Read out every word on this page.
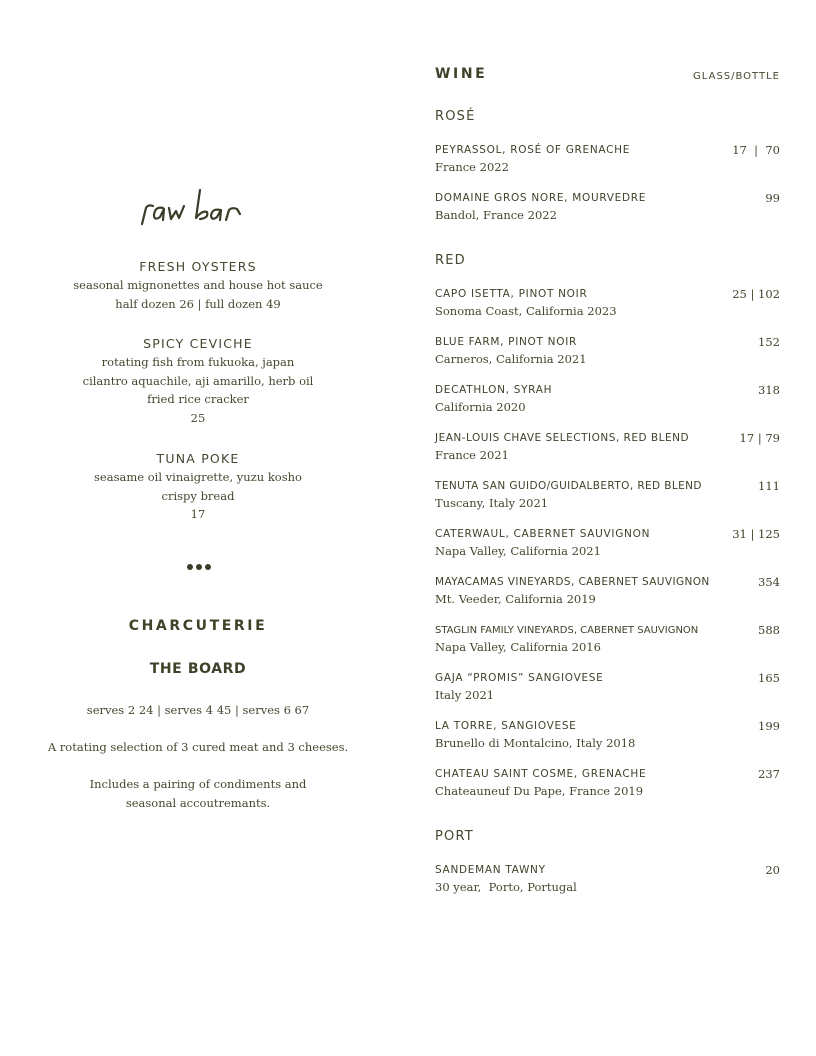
FRESH OYSTERS
seasonal mignonettes and house hot sauce
half dozen 26 | full dozen 49
SPICY CEVICHE
rotating fish from fukuoka, japan
cilantro aquachile, aji amarillo, herb oil
fried rice cracker
25
TUNA POKE
seasame oil vinaigrette, yuzu kosho
crispy bread
17
CHARCUTERIE
THE BOARD
serves 2 24 | serves 4 45 | serves 6 67
A rotating selection of 3 cured meat and 3 cheeses.
Includes a pairing of condiments and
seasonal accoutremants.
WINE	GLASS/BOTTLE
ROSÉ
PEYRASSOL, ROSÉ OF GRENACHE	17  |  70
France 2022
DOMAINE GROS NORE, MOURVEDRE	99
Bandol, France 2022
RED
CAPO ISETTA, PINOT NOIR	25 | 102
Sonoma Coast, California 2023
BLUE FARM, PINOT NOIR	152
Carneros, California 2021
DECATHLON, SYRAH	318
California 2020
JEAN-LOUIS CHAVE SELECTIONS, RED BLEND	17 | 79
France 2021
TENUTA SAN GUIDO/GUIDALBERTO, RED BLEND	111
Tuscany, Italy 2021
CATERWAUL, CABERNET SAUVIGNON	31 | 125
Napa Valley, California 2021
MAYACAMAS VINEYARDS, CABERNET SAUVIGNON	354
Mt. Veeder, California 2019
STAGLIN FAMILY VINEYARDS, CABERNET SAUVIGNON	588
Napa Valley, California 2016
GAJA “PROMIS” SANGIOVESE	165
Italy 2021
LA TORRE, SANGIOVESE	199
Brunello di Montalcino, Italy 2018
CHATEAU SAINT COSME, GRENACHE	237
Chateauneuf Du Pape, France 2019
PORT
SANDEMAN TAWNY	20
30 year,  Porto, Portugal
